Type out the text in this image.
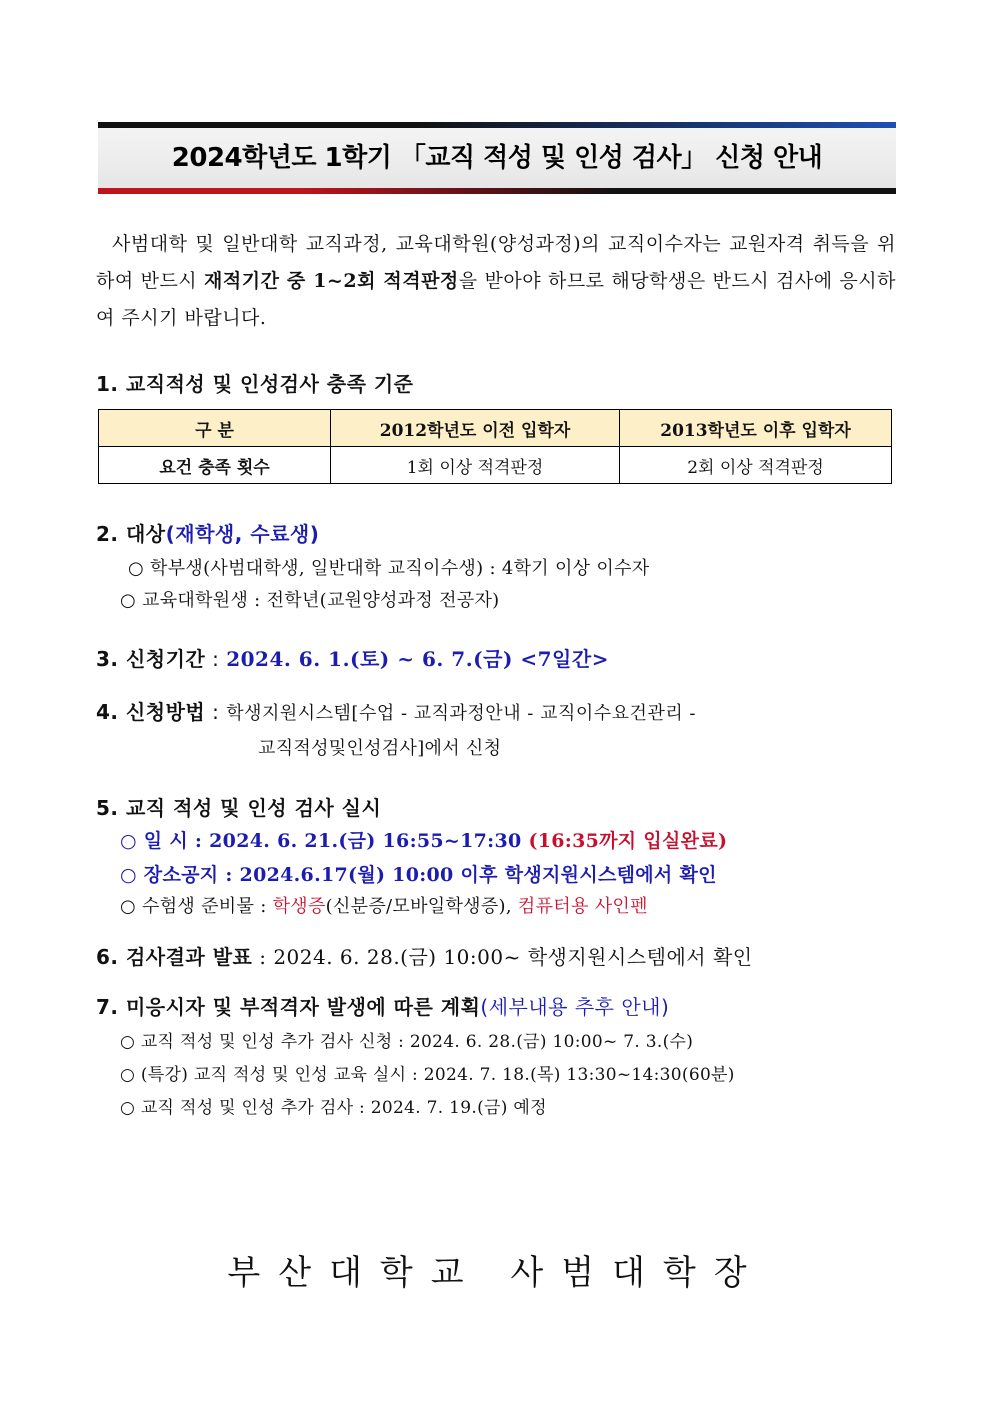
2024학년도 1학기 「교직 적성 및 인성 검사」 신청 안내
사범대학 및 일반대학 교직과정, 교육대학원(양성과정)의 교직이수자는 교원자격 취득을 위하여 반드시 재적기간 중 1~2회 적격판정을 받아야 하므로 해당학생은 반드시 검사에 응시하여 주시기 바랍니다.
1. 교직적성 및 인성검사 충족 기준
구 분	2012학년도 이전 입학자	2013학년도 이후 입학자
요건 충족 횟수	1회 이상 적격판정	2회 이상 적격판정
2. 대상(재학생, 수료생)
○ 학부생(사범대학생, 일반대학 교직이수생) : 4학기 이상 이수자
○ 교육대학원생 : 전학년(교원양성과정 전공자)
3. 신청기간 : 2024. 6. 1.(토) ~ 6. 7.(금) <7일간>
4. 신청방법 : 학생지원시스템[수업 - 교직과정안내 - 교직이수요건관리 -
교직적성및인성검사]에서 신청
5. 교직 적성 및 인성 검사 실시
○ 일 시 : 2024. 6. 21.(금) 16:55~17:30 (16:35까지 입실완료)
○ 장소공지 : 2024.6.17(월) 10:00 이후 학생지원시스템에서 확인
○ 수험생 준비물 : 학생증(신분증/모바일학생증), 컴퓨터용 사인펜
6. 검사결과 발표 : 2024. 6. 28.(금) 10:00~ 학생지원시스템에서 확인
7. 미응시자 및 부적격자 발생에 따른 계획(세부내용 추후 안내)
○ 교직 적성 및 인성 추가 검사 신청 : 2024. 6. 28.(금) 10:00~ 7. 3.(수)
○ (특강) 교직 적성 및 인성 교육 실시 : 2024. 7. 18.(목) 13:30~14:30(60분)
○ 교직 적성 및 인성 추가 검사 : 2024. 7. 19.(금) 예정
부산대학교 사범대학장
